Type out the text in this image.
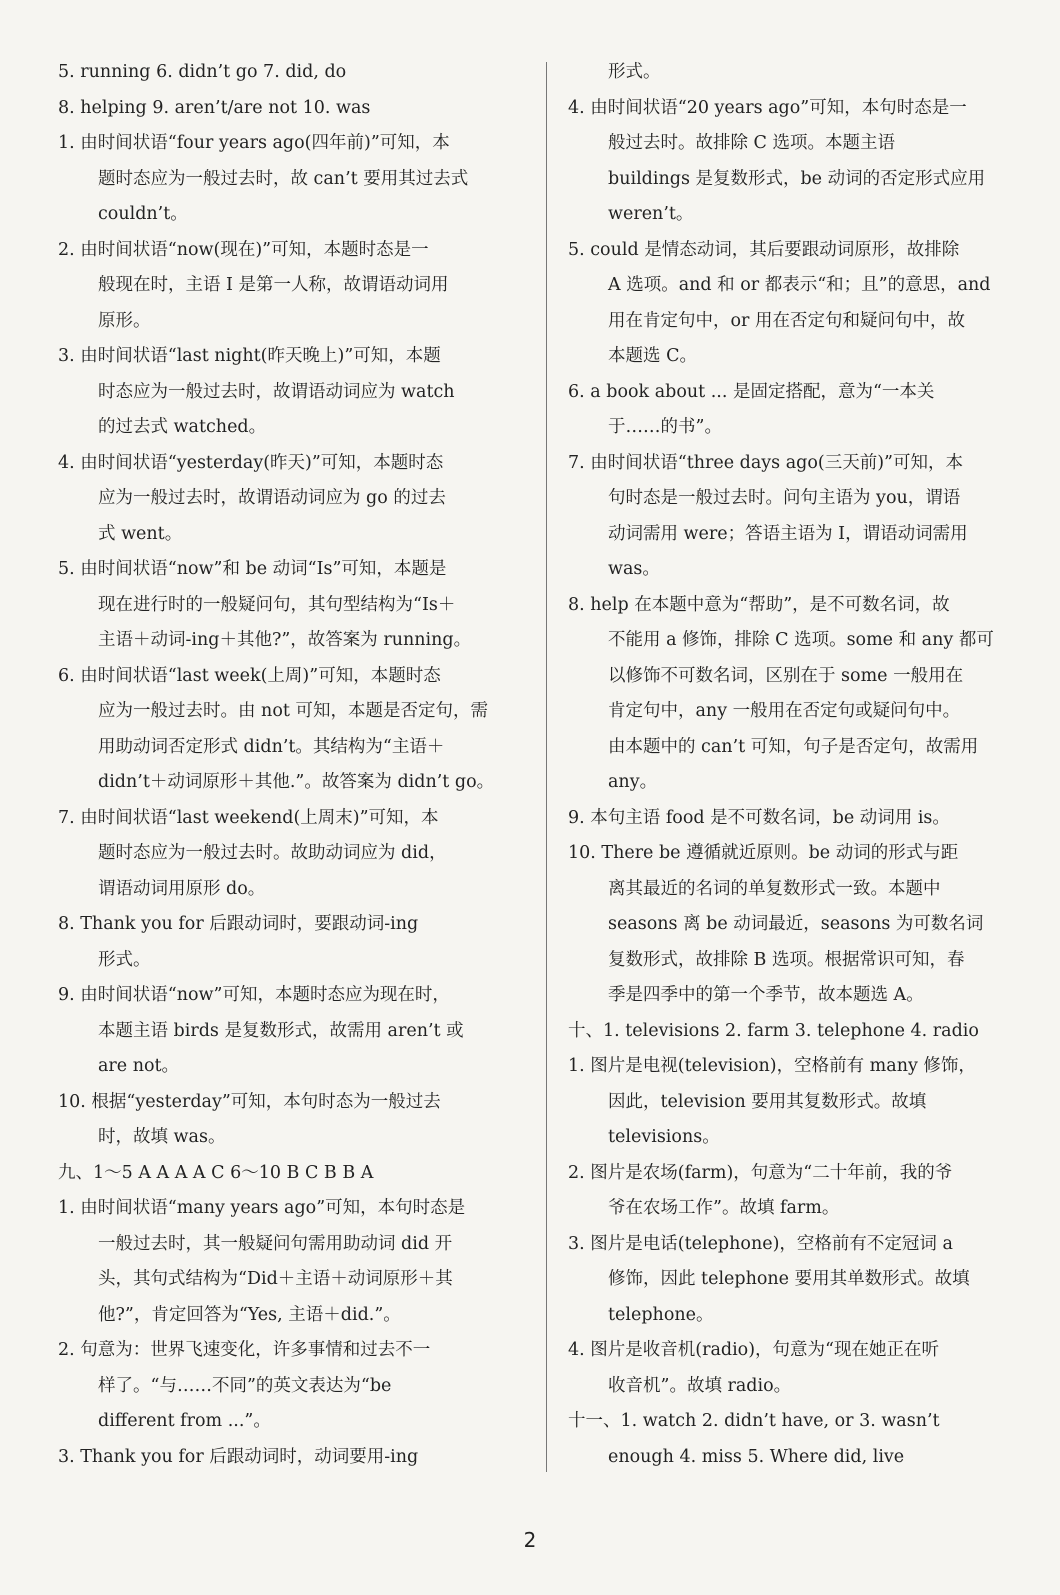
5. running 6. didn’t go 7. did, do
8. helping 9. aren’t/are not 10. was
1. 由时间状语“four years ago(四年前)”可知，本
题时态应为一般过去时，故 can’t 要用其过去式
couldn’t。
2. 由时间状语“now(现在)”可知，本题时态是一
般现在时，主语 I 是第一人称，故谓语动词用
原形。
3. 由时间状语“last night(昨天晚上)”可知，本题
时态应为一般过去时，故谓语动词应为 watch
的过去式 watched。
4. 由时间状语“yesterday(昨天)”可知，本题时态
应为一般过去时，故谓语动词应为 go 的过去
式 went。
5. 由时间状语“now”和 be 动词“Is”可知，本题是
现在进行时的一般疑问句，其句型结构为“Is＋
主语＋动词-ing＋其他?”，故答案为 running。
6. 由时间状语“last week(上周)”可知，本题时态
应为一般过去时。由 not 可知，本题是否定句，需
用助动词否定形式 didn’t。其结构为“主语＋
didn’t＋动词原形＋其他.”。故答案为 didn’t go。
7. 由时间状语“last weekend(上周末)”可知，本
题时态应为一般过去时。故助动词应为 did，
谓语动词用原形 do。
8. Thank you for 后跟动词时，要跟动词-ing
形式。
9. 由时间状语“now”可知，本题时态应为现在时，
本题主语 birds 是复数形式，故需用 aren’t 或
are not。
10. 根据“yesterday”可知，本句时态为一般过去
时，故填 was。
九、1～5 A A A A C 6～10 B C B B A
1. 由时间状语“many years ago”可知，本句时态是
一般过去时，其一般疑问句需用助动词 did 开
头，其句式结构为“Did＋主语＋动词原形＋其
他?”，肯定回答为“Yes, 主语＋did.”。
2. 句意为：世界飞速变化，许多事情和过去不一
样了。“与……不同”的英文表达为“be
different from ...”。
3. Thank you for 后跟动词时，动词要用-ing
形式。
4. 由时间状语“20 years ago”可知，本句时态是一
般过去时。故排除 C 选项。本题主语
buildings 是复数形式，be 动词的否定形式应用
weren’t。
5. could 是情态动词，其后要跟动词原形，故排除
A 选项。and 和 or 都表示“和；且”的意思，and
用在肯定句中，or 用在否定句和疑问句中，故
本题选 C。
6. a book about ... 是固定搭配，意为“一本关
于……的书”。
7. 由时间状语“three days ago(三天前)”可知，本
句时态是一般过去时。问句主语为 you，谓语
动词需用 were；答语主语为 I，谓语动词需用
was。
8. help 在本题中意为“帮助”，是不可数名词，故
不能用 a 修饰，排除 C 选项。some 和 any 都可
以修饰不可数名词，区别在于 some 一般用在
肯定句中，any 一般用在否定句或疑问句中。
由本题中的 can’t 可知，句子是否定句，故需用
any。
9. 本句主语 food 是不可数名词，be 动词用 is。
10. There be 遵循就近原则。be 动词的形式与距
离其最近的名词的单复数形式一致。本题中
seasons 离 be 动词最近，seasons 为可数名词
复数形式，故排除 B 选项。根据常识可知，春
季是四季中的第一个季节，故本题选 A。
十、1. televisions 2. farm 3. telephone 4. radio
1. 图片是电视(television)，空格前有 many 修饰，
因此，television 要用其复数形式。故填
televisions。
2. 图片是农场(farm)，句意为“二十年前，我的爷
爷在农场工作”。故填 farm。
3. 图片是电话(telephone)，空格前有不定冠词 a
修饰，因此 telephone 要用其单数形式。故填
telephone。
4. 图片是收音机(radio)，句意为“现在她正在听
收音机”。故填 radio。
十一、1. watch 2. didn’t have, or 3. wasn’t
enough 4. miss 5. Where did, live
2
